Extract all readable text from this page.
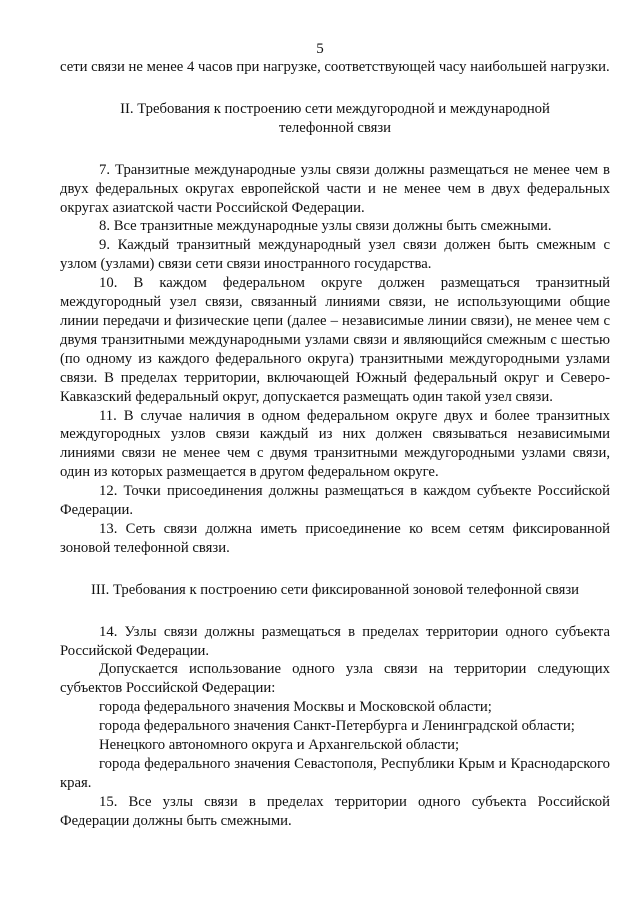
5

сети связи не менее 4 часов при нагрузке, соответствующей часу наибольшей нагрузки.

II. Требования к построению сети междугородной и международной

телефонной связи

7. Транзитные международные узлы связи должны размещаться не менее чем в двух федеральных округах европейской части и не менее чем в двух федеральных округах азиатской части Российской Федерации.

8. Все транзитные международные узлы связи должны быть смежными.

9. Каждый транзитный международный узел связи должен быть смежным с узлом (узлами) связи сети связи иностранного государства.

10. В каждом федеральном округе должен размещаться транзитный междугородный узел связи, связанный линиями связи, не использующими общие линии передачи и физические цепи (далее – независимые линии связи), не менее чем с двумя транзитными международными узлами связи и являющийся смежным с шестью (по одному из каждого федерального округа) транзитными междугородными узлами связи. В пределах территории, включающей Южный федеральный округ и Северо-Кавказский федеральный округ, допускается размещать один такой узел связи.

11. В случае наличия в одном федеральном округе двух и более транзитных междугородных узлов связи каждый из них должен связываться независимыми линиями связи не менее чем с двумя транзитными междугородными узлами связи, один из которых размещается в другом федеральном округе.

12. Точки присоединения должны размещаться в каждом субъекте Российской Федерации.

13. Сеть связи должна иметь присоединение ко всем сетям фиксированной зоновой телефонной связи.

III. Требования к построению сети фиксированной зоновой телефонной связи

14. Узлы связи должны размещаться в пределах территории одного субъекта Российской Федерации.

Допускается использование одного узла связи на территории следующих субъектов Российской Федерации:

города федерального значения Москвы и Московской области;

города федерального значения Санкт-Петербурга и Ленинградской области;

Ненецкого автономного округа и Архангельской области;

города федерального значения Севастополя, Республики Крым и Краснодарского края.

15. Все узлы связи в пределах территории одного субъекта Российской Федерации должны быть смежными.
